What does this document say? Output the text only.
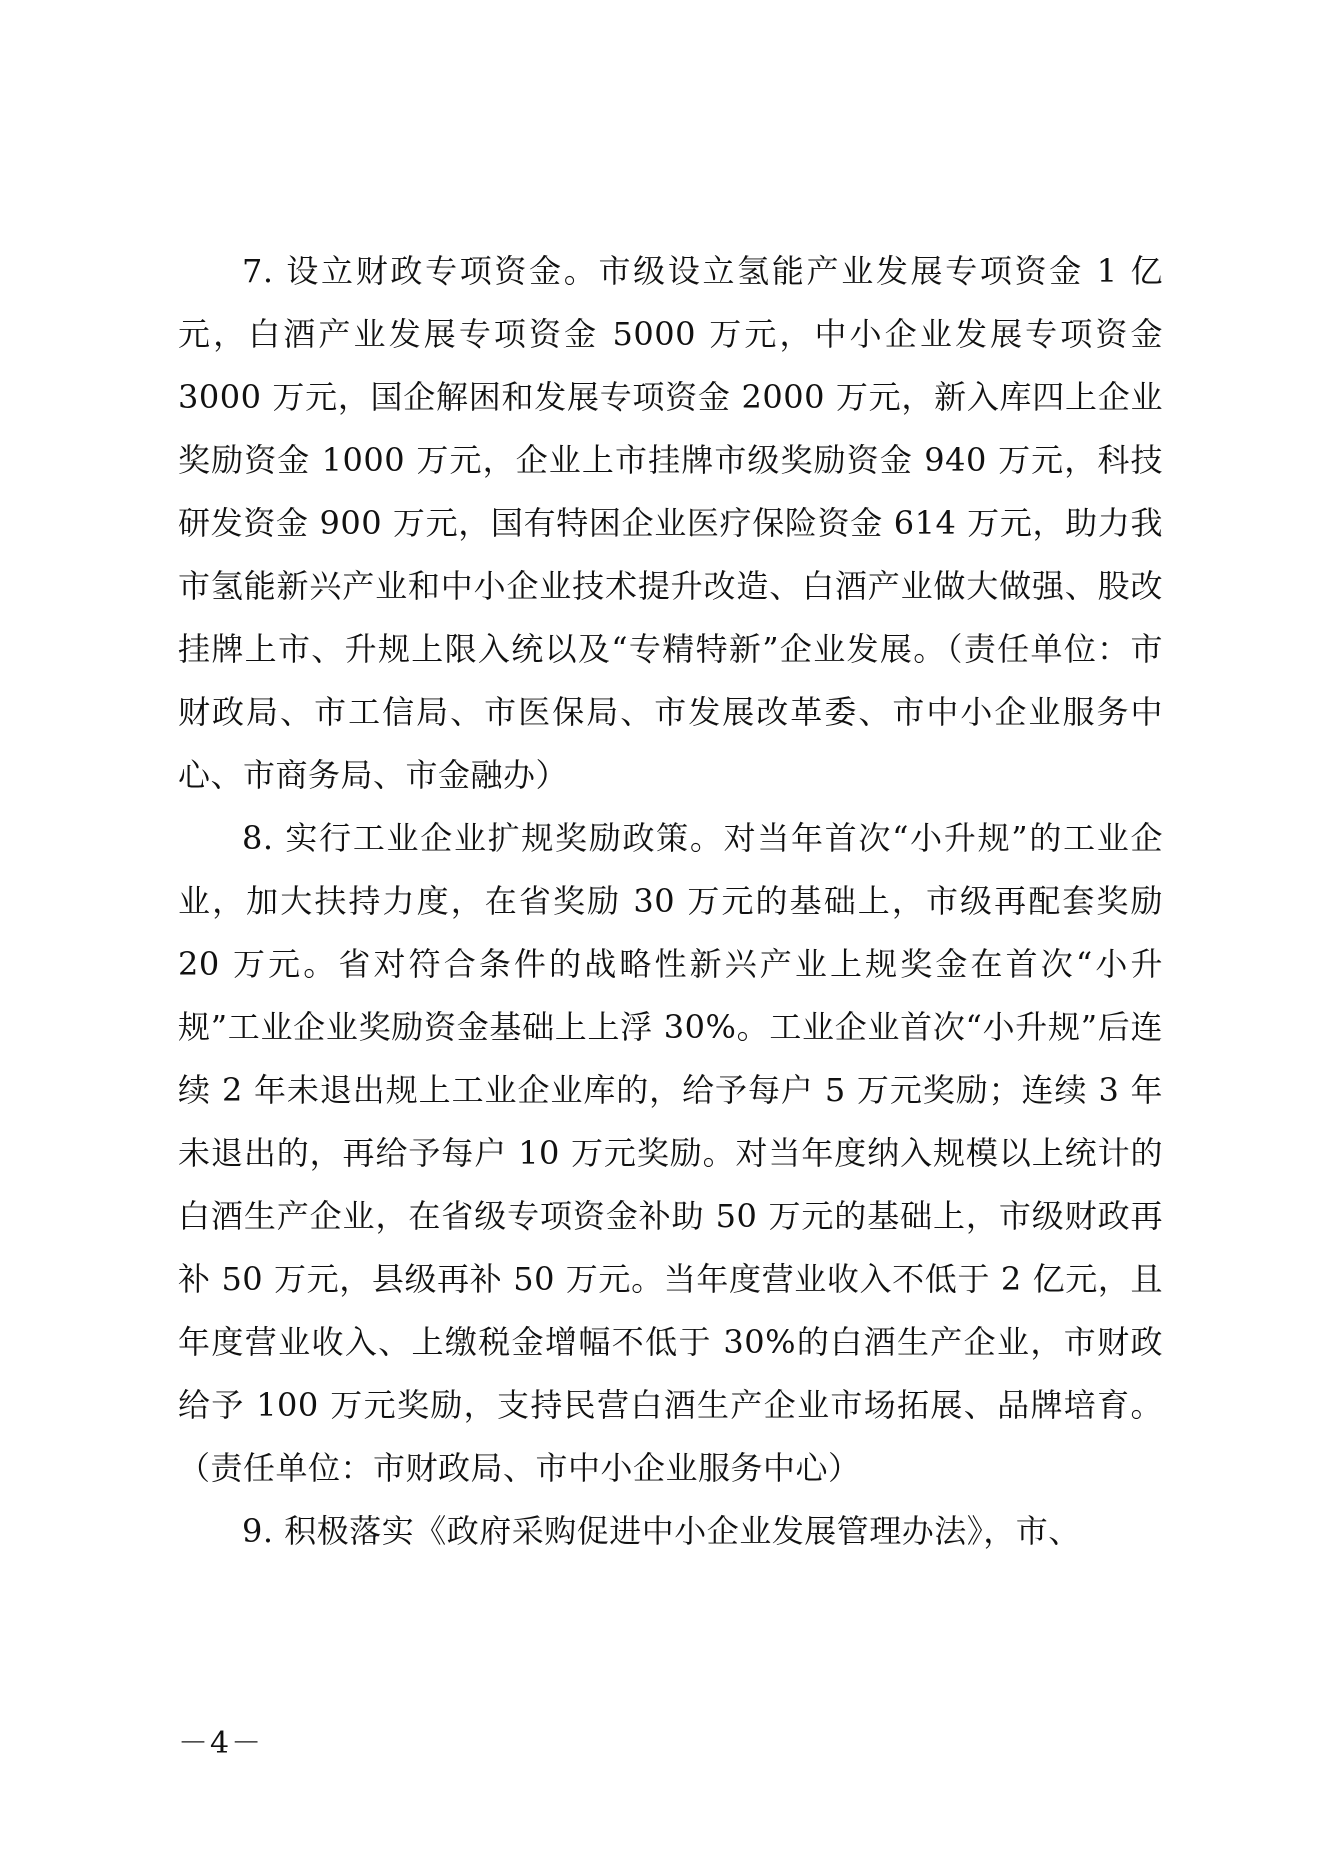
7. 设立财政专项资金。市级设立氢能产业发展专项资金 1 亿元，白酒产业发展专项资金 5000 万元，中小企业发展专项资金 3000 万元，国企解困和发展专项资金 2000 万元，新入库四上企业奖励资金 1000 万元，企业上市挂牌市级奖励资金 940 万元，科技研发资金 900 万元，国有特困企业医疗保险资金 614 万元，助力我市氢能新兴产业和中小企业技术提升改造、白酒产业做大做强、股改挂牌上市、升规上限入统以及“专精特新”企业发展。（责任单位：市财政局、市工信局、市医保局、市发展改革委、市中小企业服务中心、市商务局、市金融办）

8. 实行工业企业扩规奖励政策。对当年首次“小升规”的工业企业，加大扶持力度，在省奖励 30 万元的基础上，市级再配套奖励 20 万元。省对符合条件的战略性新兴产业上规奖金在首次“小升规”工业企业奖励资金基础上上浮 30%。工业企业首次“小升规”后连续 2 年未退出规上工业企业库的，给予每户 5 万元奖励；连续 3 年未退出的，再给予每户 10 万元奖励。对当年度纳入规模以上统计的白酒生产企业，在省级专项资金补助 50 万元的基础上，市级财政再补 50 万元，县级再补 50 万元。当年度营业收入不低于 2 亿元，且年度营业收入、上缴税金增幅不低于 30%的白酒生产企业，市财政给予 100 万元奖励，支持民营白酒生产企业市场拓展、品牌培育。（责任单位：市财政局、市中小企业服务中心）

9. 积极落实《政府采购促进中小企业发展管理办法》，市、

－4－
